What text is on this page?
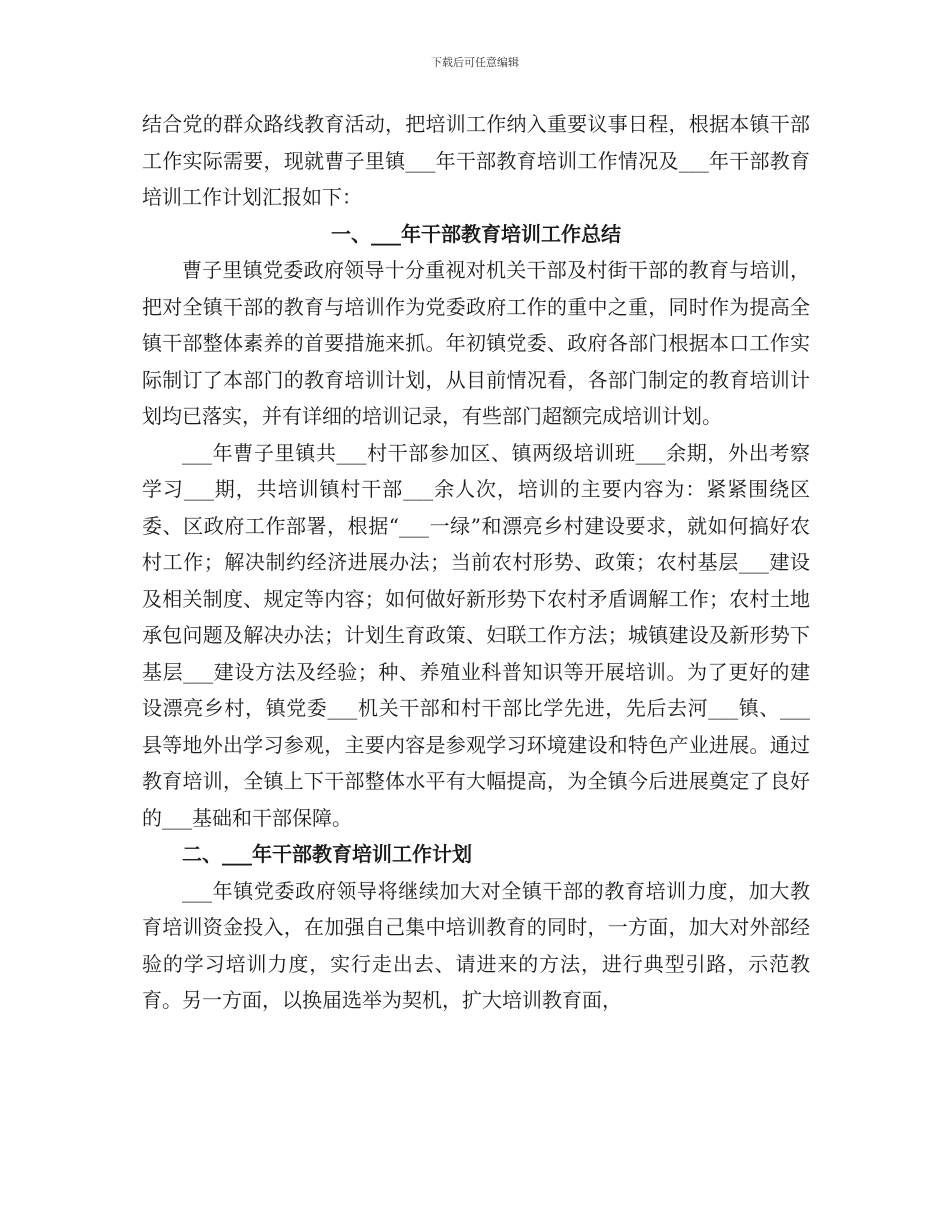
下载后可任意编辑

结合党的群众路线教育活动，把培训工作纳入重要议事日程，根据本镇干部工作实际需要，现就曹子里镇___年干部教育培训工作情况及___年干部教育培训工作计划汇报如下：

一、___年干部教育培训工作总结

曹子里镇党委政府领导十分重视对机关干部及村街干部的教育与培训，把对全镇干部的教育与培训作为党委政府工作的重中之重，同时作为提高全镇干部整体素养的首要措施来抓。年初镇党委、政府各部门根据本口工作实际制订了本部门的教育培训计划，从目前情况看，各部门制定的教育培训计划均已落实，并有详细的培训记录，有些部门超额完成培训计划。

___年曹子里镇共___村干部参加区、镇两级培训班___余期，外出考察学习___期，共培训镇村干部___余人次，培训的主要内容为：紧紧围绕区委、区政府工作部署，根据“___一绿”和漂亮乡村建设要求，就如何搞好农村工作；解决制约经济进展办法；当前农村形势、政策；农村基层___建设及相关制度、规定等内容；如何做好新形势下农村矛盾调解工作；农村土地承包问题及解决办法；计划生育政策、妇联工作方法；城镇建设及新形势下基层___建设方法及经验；种、养殖业科普知识等开展培训。为了更好的建设漂亮乡村，镇党委___机关干部和村干部比学先进，先后去河___镇、___县等地外出学习参观，主要内容是参观学习环境建设和特色产业进展。通过教育培训，全镇上下干部整体水平有大幅提高，为全镇今后进展奠定了良好的___基础和干部保障。

二、___年干部教育培训工作计划

___年镇党委政府领导将继续加大对全镇干部的教育培训力度，加大教育培训资金投入，在加强自己集中培训教育的同时，一方面，加大对外部经验的学习培训力度，实行走出去、请进来的方法，进行典型引路，示范教育。另一方面，以换届选举为契机，扩大培训教育面，
